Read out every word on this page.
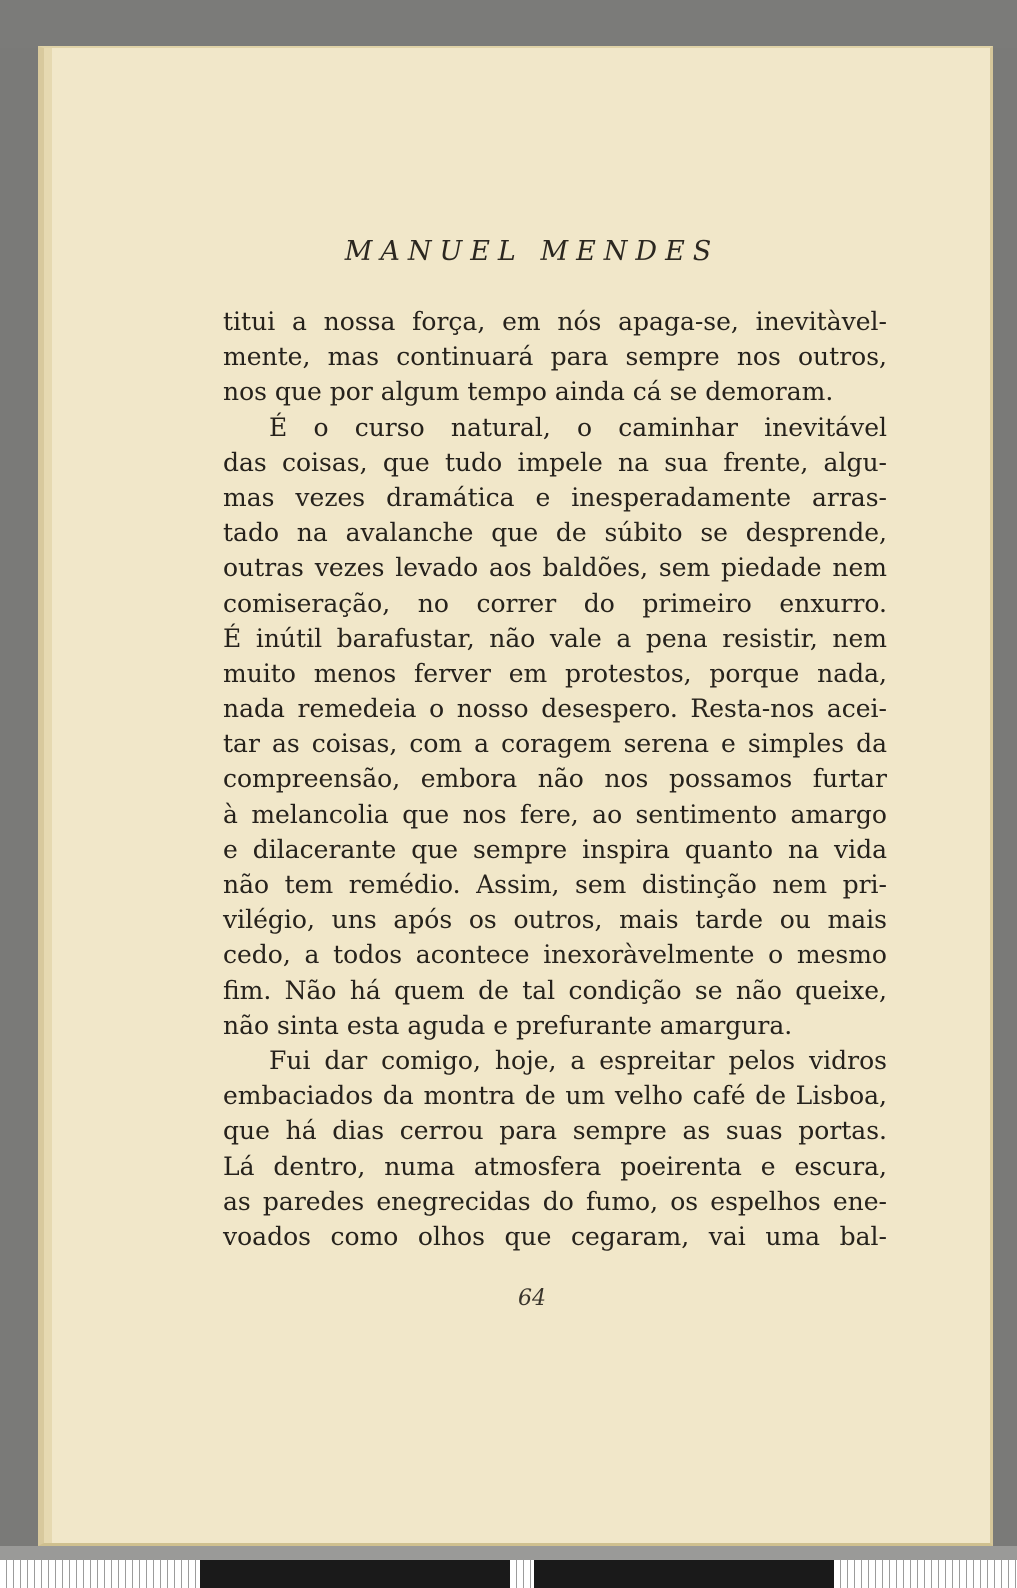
MANUEL MENDES
titui a nossa força, em nós apaga-se, inevitàvel-
mente, mas continuará para sempre nos outros,
nos que por algum tempo ainda cá se demoram.
É o curso natural, o caminhar inevitável
das coisas, que tudo impele na sua frente, algu-
mas vezes dramática e inesperadamente arras-
tado na avalanche que de súbito se desprende,
outras vezes levado aos baldões, sem piedade nem
comiseração, no correr do primeiro enxurro.
É inútil barafustar, não vale a pena resistir, nem
muito menos ferver em protestos, porque nada,
nada remedeia o nosso desespero. Resta-nos acei-
tar as coisas, com a coragem serena e simples da
compreensão, embora não nos possamos furtar
à melancolia que nos fere, ao sentimento amargo
e dilacerante que sempre inspira quanto na vida
não tem remédio. Assim, sem distinção nem pri-
vilégio, uns após os outros, mais tarde ou mais
cedo, a todos acontece inexoràvelmente o mesmo
fim. Não há quem de tal condição se não queixe,
não sinta esta aguda e prefurante amargura.
Fui dar comigo, hoje, a espreitar pelos vidros
embaciados da montra de um velho café de Lisboa,
que há dias cerrou para sempre as suas portas.
Lá dentro, numa atmosfera poeirenta e escura,
as paredes enegrecidas do fumo, os espelhos ene-
voados como olhos que cegaram, vai uma bal-
64
